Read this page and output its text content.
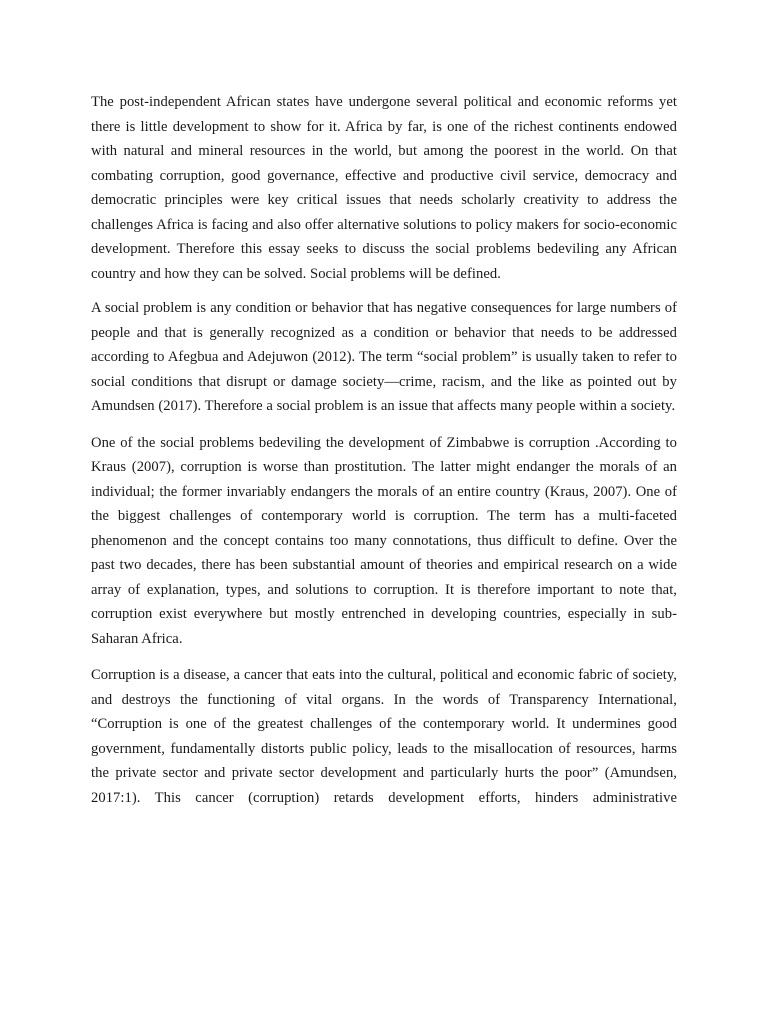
The post-independent African states have undergone several political and economic reforms yet there is little development to show for it. Africa by far, is one of the richest continents endowed with natural and mineral resources in the world, but among the poorest in the world. On that combating corruption, good governance, effective and productive civil service, democracy and democratic principles were key critical issues that needs scholarly creativity to address the challenges Africa is facing and also offer alternative solutions to policy makers for socio-economic development. Therefore this essay seeks to discuss the social problems bedeviling any African country and how they can be solved. Social problems will be defined.

A social problem is any condition or behavior that has negative consequences for large numbers of people and that is generally recognized as a condition or behavior that needs to be addressed according to Afegbua and Adejuwon (2012). The term “social problem” is usually taken to refer to social conditions that disrupt or damage society—crime, racism, and the like as pointed out by Amundsen (2017). Therefore a social problem is an issue that affects many people within a society.

One of the social problems bedeviling the development of Zimbabwe is corruption .According to Kraus (2007), corruption is worse than prostitution. The latter might endanger the morals of an individual; the former invariably endangers the morals of an entire country (Kraus, 2007). One of the biggest challenges of contemporary world is corruption. The term has a multi-faceted phenomenon and the concept contains too many connotations, thus difficult to define. Over the past two decades, there has been substantial amount of theories and empirical research on a wide array of explanation, types, and solutions to corruption. It is therefore important to note that, corruption exist everywhere but mostly entrenched in developing countries, especially in sub-Saharan Africa.

Corruption is a disease, a cancer that eats into the cultural, political and economic fabric of society, and destroys the functioning of vital organs. In the words of Transparency International, “Corruption is one of the greatest challenges of the contemporary world. It undermines good government, fundamentally distorts public policy, leads to the misallocation of resources, harms the private sector and private sector development and particularly hurts the poor” (Amundsen, 2017:1). This cancer (corruption) retards development efforts, hinders administrative
